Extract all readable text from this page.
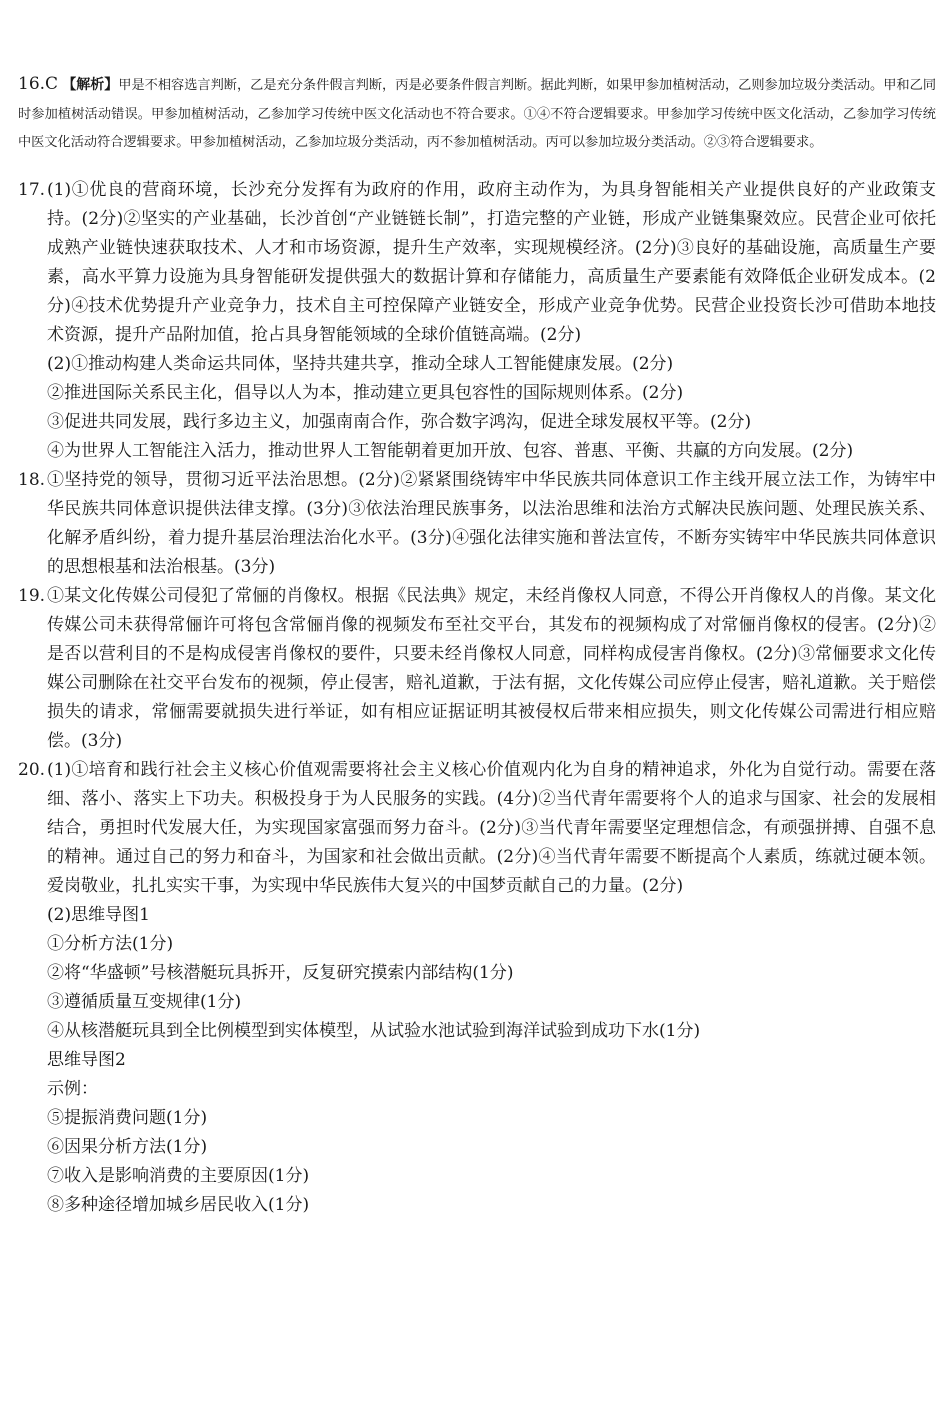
16.C 【解析】甲是不相容选言判断，乙是充分条件假言判断，丙是必要条件假言判断。据此判断，如果甲参加植树活动，乙则参加垃圾分类活动。甲和乙同时参加植树活动错误。甲参加植树活动，乙参加学习传统中医文化活动也不符合要求。①④不符合逻辑要求。甲参加学习传统中医文化活动，乙参加学习传统中医文化活动符合逻辑要求。甲参加植树活动，乙参加垃圾分类活动，丙不参加植树活动。丙可以参加垃圾分类活动。②③符合逻辑要求。
17. (1)①优良的营商环境，长沙充分发挥有为政府的作用，政府主动作为，为具身智能相关产业提供良好的产业政策支持。(2分)②坚实的产业基础，长沙首创“产业链链长制”，打造完整的产业链，形成产业链集聚效应。民营企业可依托成熟产业链快速获取技术、人才和市场资源，提升生产效率，实现规模经济。(2分)③良好的基础设施，高质量生产要素，高水平算力设施为具身智能研发提供强大的数据计算和存储能力，高质量生产要素能有效降低企业研发成本。(2分)④技术优势提升产业竞争力，技术自主可控保障产业链安全，形成产业竞争优势。民营企业投资长沙可借助本地技术资源，提升产品附加值，抢占具身智能领域的全球价值链高端。(2分)
(2)①推动构建人类命运共同体，坚持共建共享，推动全球人工智能健康发展。(2分)
②推进国际关系民主化，倡导以人为本，推动建立更具包容性的国际规则体系。(2分)
③促进共同发展，践行多边主义，加强南南合作，弥合数字鸿沟，促进全球发展权平等。(2分)
④为世界人工智能注入活力，推动世界人工智能朝着更加开放、包容、普惠、平衡、共赢的方向发展。(2分)
18. ①坚持党的领导，贯彻习近平法治思想。(2分)②紧紧围绕铸牢中华民族共同体意识工作主线开展立法工作，为铸牢中华民族共同体意识提供法律支撑。(3分)③依法治理民族事务，以法治思维和法治方式解决民族问题、处理民族关系、化解矛盾纠纷，着力提升基层治理法治化水平。(3分)④强化法律实施和普法宣传，不断夯实铸牢中华民族共同体意识的思想根基和法治根基。(3分)
19. ①某文化传媒公司侵犯了常俪的肖像权。根据《民法典》规定，未经肖像权人同意，不得公开肖像权人的肖像。某文化传媒公司未获得常俪许可将包含常俪肖像的视频发布至社交平台，其发布的视频构成了对常俪肖像权的侵害。(2分)②是否以营利目的不是构成侵害肖像权的要件，只要未经肖像权人同意，同样构成侵害肖像权。(2分)③常俪要求文化传媒公司删除在社交平台发布的视频，停止侵害，赔礼道歉，于法有据，文化传媒公司应停止侵害，赔礼道歉。关于赔偿损失的请求，常俪需要就损失进行举证，如有相应证据证明其被侵权后带来相应损失，则文化传媒公司需进行相应赔偿。(3分)
20. (1)①培育和践行社会主义核心价值观需要将社会主义核心价值观内化为自身的精神追求，外化为自觉行动。需要在落细、落小、落实上下功夫。积极投身于为人民服务的实践。(4分)②当代青年需要将个人的追求与国家、社会的发展相结合，勇担时代发展大任，为实现国家富强而努力奋斗。(2分)③当代青年需要坚定理想信念，有顽强拼搏、自强不息的精神。通过自己的努力和奋斗，为国家和社会做出贡献。(2分)④当代青年需要不断提高个人素质，练就过硬本领。爱岗敬业，扎扎实实干事，为实现中华民族伟大复兴的中国梦贡献自己的力量。(2分)
(2)思维导图1
①分析方法(1分)
②将“华盛顿”号核潜艇玩具拆开，反复研究摸索内部结构(1分)
③遵循质量互变规律(1分)
④从核潜艇玩具到全比例模型到实体模型，从试验水池试验到海洋试验到成功下水(1分)
思维导图2
示例：
⑤提振消费问题(1分)
⑥因果分析方法(1分)
⑦收入是影响消费的主要原因(1分)
⑧多种途径增加城乡居民收入(1分)
